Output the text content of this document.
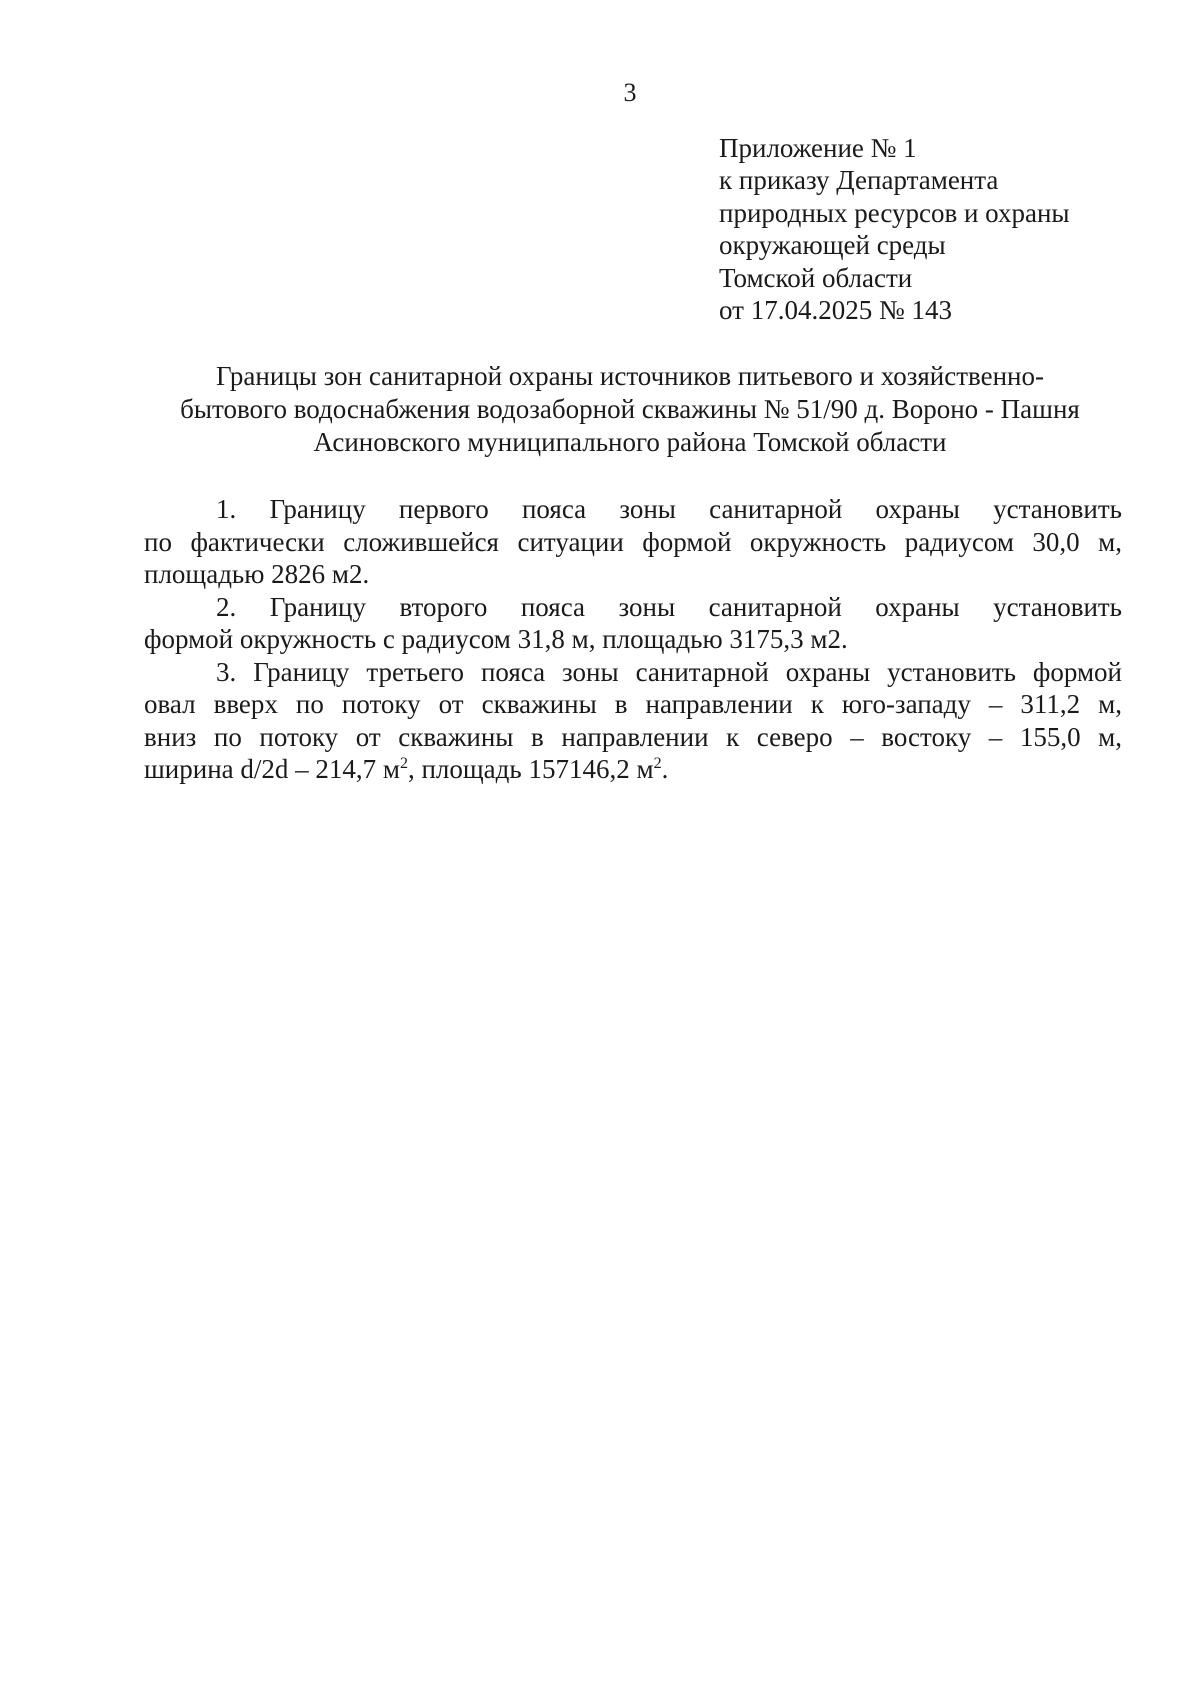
3
Приложение № 1
к приказу Департамента
природных ресурсов и охраны
окружающей среды
Томской области
от 17.04.2025 № 143
Границы зон санитарной охраны источников питьевого и хозяйственно-
бытового водоснабжения водозаборной скважины № 51/90 д. Вороно - Пашня
Асиновского муниципального района Томской области
1. Границу первого пояса зоны санитарной охраны установить
по фактически сложившейся ситуации формой окружность радиусом 30,0 м,
площадью 2826 м2.
2. Границу второго пояса зоны санитарной охраны установить
формой окружность с радиусом 31,8 м, площадью 3175,3 м2.
3. Границу третьего пояса зоны санитарной охраны установить формой
овал вверх по потоку от скважины в направлении к юго-западу – 311,2 м,
вниз по потоку от скважины в направлении к северо – востоку – 155,0 м,
ширина d/2d – 214,7 $м^2$, площадь 157146,2 $м^2$.
